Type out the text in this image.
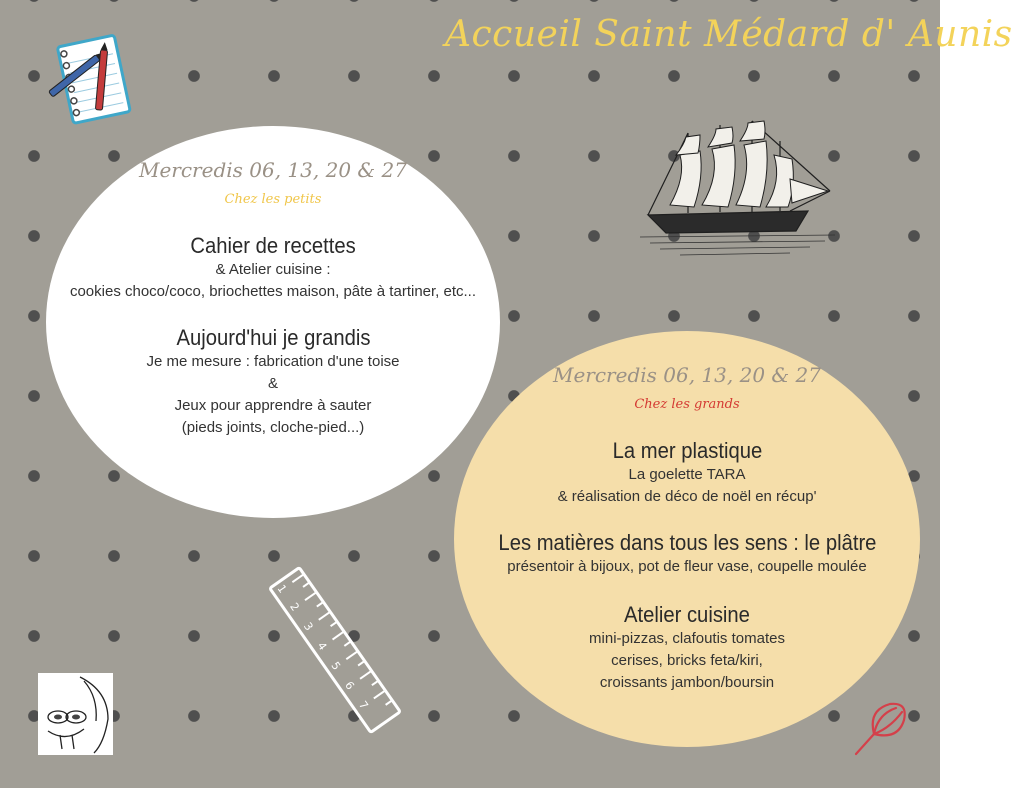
Accueil Saint Médard d' Aunis
Mercredis 06, 13, 20 & 27
Chez les petits
Cahier de recettes
& Atelier cuisine :
cookies choco/coco, briochettes maison, pâte à tartiner, etc...
Aujourd'hui je grandis
Je me mesure : fabrication d'une toise
&
Jeux pour apprendre à sauter
(pieds joints, cloche-pied...)
Mercredis 06, 13, 20 & 27
Chez les grands
La mer plastique
La goelette TARA
& réalisation de déco de noël en récup'
Les matières dans tous les sens : le plâtre
présentoir à bijoux, pot de fleur vase, coupelle moulée
Atelier cuisine
mini-pizzas, clafoutis tomates
cerises, bricks feta/kiri,
croissants jambon/boursin
1
2
3
4
5
6
7
